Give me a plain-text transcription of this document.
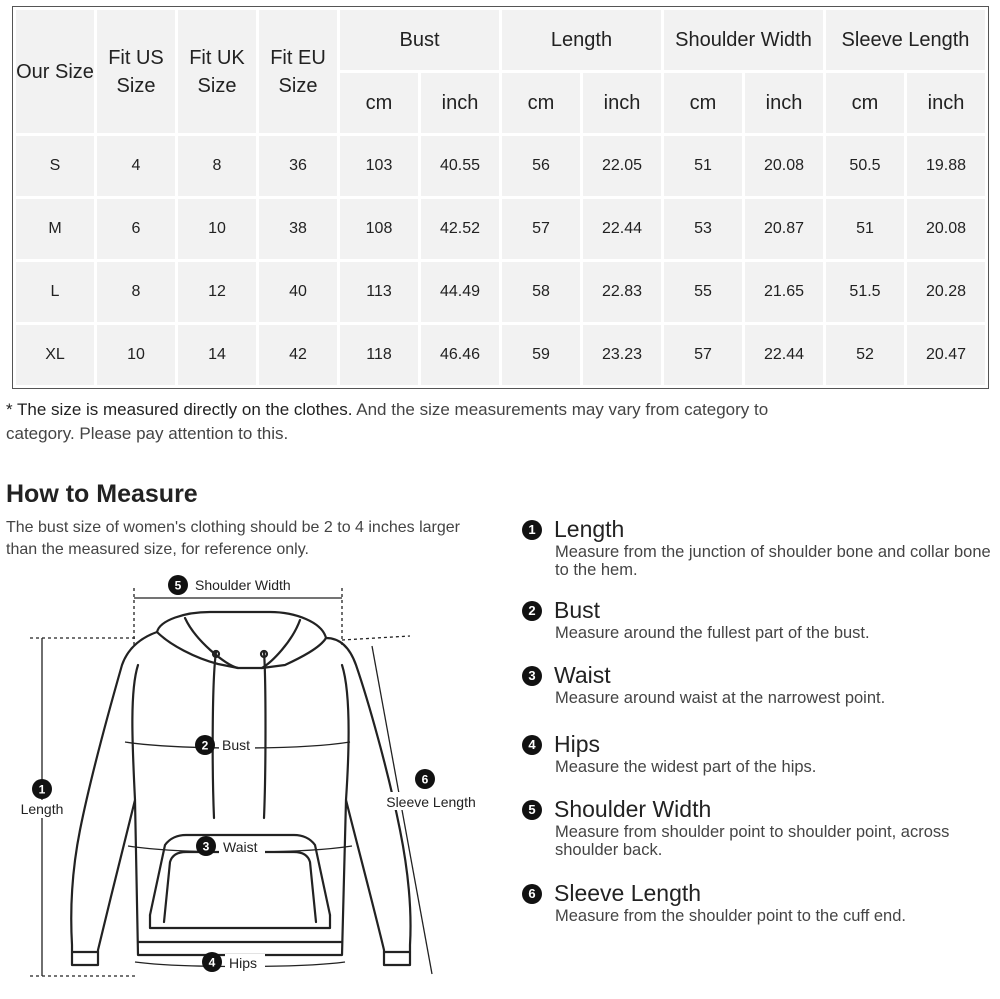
Our Size	Fit US Size	Fit UK Size	Fit EU Size	Bust		Length		Shoulder Width		Sleeve Length	
				cm	inch	cm	inch	cm	inch	cm	inch
S	4	8	36	103	40.55	56	22.05	51	20.08	50.5	19.88
M	6	10	38	108	42.52	57	22.44	53	20.87	51	20.08
L	8	12	40	113	44.49	58	22.83	55	21.65	51.5	20.28
XL	10	14	42	118	46.46	59	23.23	57	22.44	52	20.47
* The size is measured directly on the clothes. And the size measurements may vary from category to category. Please pay attention to this.
How to Measure
The bust size of women's clothing should be 2 to 4 inches larger than the measured size, for reference only.
5 Shoulder Width
2 Bust
1
Length
6
Sleeve Length
3 Waist
4 Hips
1 Length
Measure from the junction of shoulder bone and collar bone to the hem.
2 Bust
Measure around the fullest part of the bust.
3 Waist
Measure around waist at the narrowest point.
4 Hips
Measure the widest part of the hips.
5 Shoulder Width
Measure from shoulder point to shoulder point, across shoulder back.
6 Sleeve Length
Measure from the shoulder point to the cuff end.
